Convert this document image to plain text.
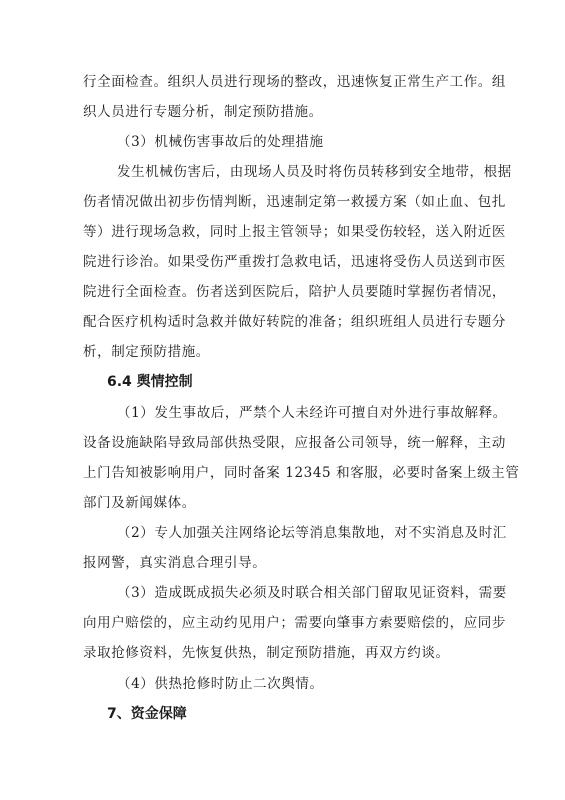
行全面检查。组织人员进行现场的整改，迅速恢复正常生产工作。组
织人员进行专题分析，制定预防措施。
（3）机械伤害事故后的处理措施
发生机械伤害后，由现场人员及时将伤员转移到安全地带，根据
伤者情况做出初步伤情判断，迅速制定第一救援方案（如止血、包扎
等）进行现场急救，同时上报主管领导；如果受伤较轻，送入附近医
院进行诊治。如果受伤严重拨打急救电话，迅速将受伤人员送到市医
院进行全面检查。伤者送到医院后，陪护人员要随时掌握伤者情况，
配合医疗机构适时急救并做好转院的准备；组织班组人员进行专题分
析，制定预防措施。
6.4 舆情控制
（1）发生事故后，严禁个人未经许可擅自对外进行事故解释。
设备设施缺陷导致局部供热受限，应报备公司领导，统一解释，主动
上门告知被影响用户，同时备案 12345 和客服，必要时备案上级主管
部门及新闻媒体。
（2）专人加强关注网络论坛等消息集散地，对不实消息及时汇
报网警，真实消息合理引导。
（3）造成既成损失必须及时联合相关部门留取见证资料，需要
向用户赔偿的，应主动约见用户；需要向肇事方索要赔偿的，应同步
录取抢修资料，先恢复供热，制定预防措施，再双方约谈。
（4）供热抢修时防止二次舆情。
7、资金保障
